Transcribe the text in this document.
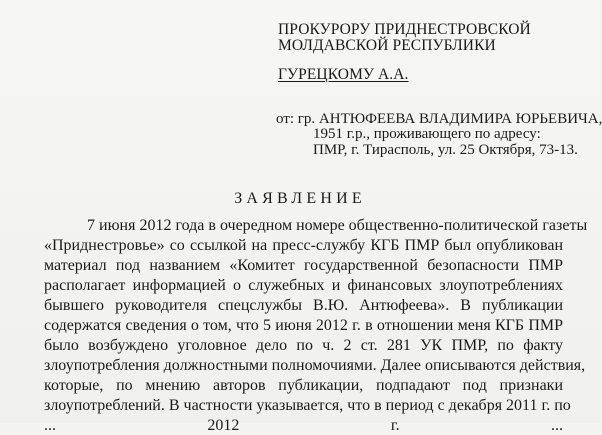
ПРОКУРОРУ ПРИДНЕСТРОВСКОЙ
МОЛДАВСКОЙ РЕСПУБЛИКИ
ГУРЕЦКОМУ А.А.
от: гр. АНТЮФЕЕВА ВЛАДИМИРА ЮРЬЕВИЧА,
1951 г.р., проживающего по адресу:
ПМР, г. Тирасполь, ул. 25 Октября, 73-13.
ЗАЯВЛЕНИЕ
7 июня 2012 года в очередном номере общественно-политической газеты
«Приднестровье» со ссылкой на пресс-службу КГБ ПМР был опубликован
материал под названием «Комитет государственной безопасности ПМР
располагает информацией о служебных и финансовых злоупотреблениях
бывшего руководителя спецслужбы В.Ю. Антюфеева». В публикации
содержатся сведения о том, что 5 июня 2012 г. в отношении меня КГБ ПМР
было возбуждено уголовное дело по ч. 2 ст. 281 УК ПМР, по факту
злоупотребления должностными полномочиями. Далее описываются действия,
которые, по мнению авторов публикации, подпадают под признаки
злоупотреблений. В частности указывается, что в период с декабря 2011 г. по
... 2012 г. ...
